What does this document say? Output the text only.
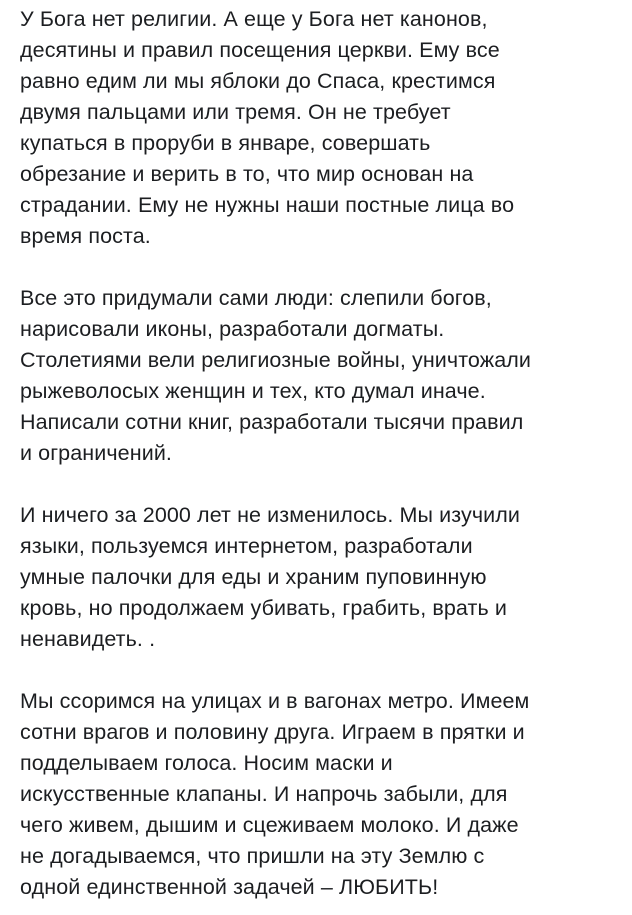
У Бога нет религии. А еще у Бога нет канонов,
десятины и правил посещения церкви. Ему все
равно едим ли мы яблоки до Спаса, крестимся
двумя пальцами или тремя. Он не требует
купаться в проруби в январе, совершать
обрезание и верить в то, что мир основан на
страдании. Ему не нужны наши постные лица во
время поста.

Все это придумали сами люди: слепили богов,
нарисовали иконы, разработали догматы.
Столетиями вели религиозные войны, уничтожали
рыжеволосых женщин и тех, кто думал иначе.
Написали сотни книг, разработали тысячи правил
и ограничений.

И ничего за 2000 лет не изменилось. Мы изучили
языки, пользуемся интернетом, разработали
умные палочки для еды и храним пуповинную
кровь, но продолжаем убивать, грабить, врать и
ненавидеть. .

Мы ссоримся на улицах и в вагонах метро. Имеем
сотни врагов и половину друга. Играем в прятки и
подделываем голоса. Носим маски и
искусственные клапаны. И напрочь забыли, для
чего живем, дышим и сцеживаем молоко. И даже
не догадываемся, что пришли на эту Землю с
одной единственной задачей – ЛЮБИТЬ!
